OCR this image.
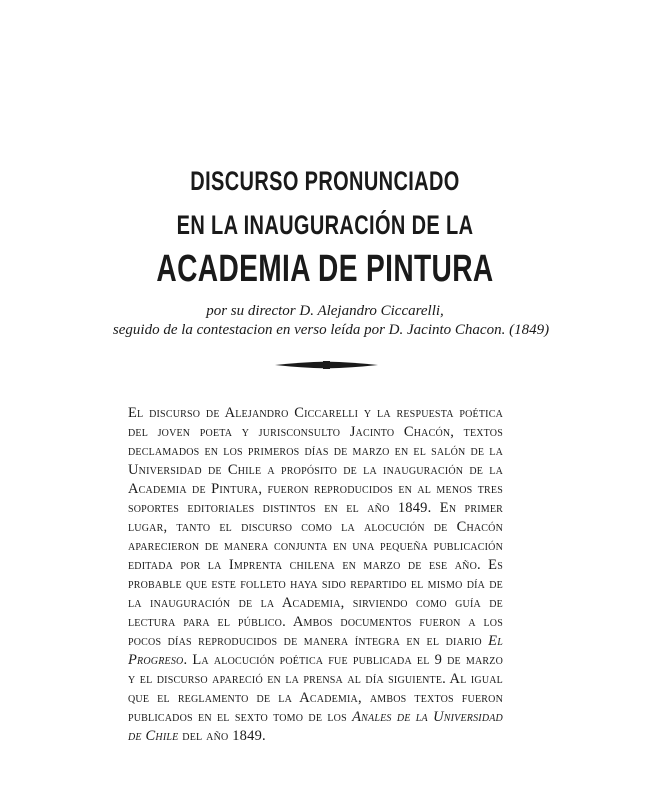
DISCURSO PRONUNCIADO
EN LA INAUGURACIÓN DE LA
ACADEMIA DE PINTURA
por su director D. Alejandro Ciccarelli,
seguido de la contestacion en verso leída por D. Jacinto Chacon. (1849)

El discurso de Alejandro Ciccarelli y la respuesta poética del joven poeta y jurisconsulto Jacinto Chacón, textos declamados en los primeros días de marzo en el salón de la Universidad de Chile a propósito de la inauguración de la Academia de Pintura, fueron reproducidos en al menos tres soportes editoriales distintos en el año 1849. En primer lugar, tanto el discurso como la alocución de Chacón aparecieron de manera conjunta en una pequeña publicación editada por la Imprenta chilena en marzo de ese año. Es probable que este folleto haya sido repartido el mismo día de la inauguración de la Academia, sirviendo como guía de lectura para el público. Ambos documentos fueron a los pocos días reproducidos de manera íntegra en el diario El Progreso. La alocución poética fue publicada el 9 de marzo y el discurso apareció en la prensa al día siguiente. Al igual que el reglamento de la Academia, ambos textos fueron publicados en el sexto tomo de los Anales de la Universidad de Chile del año 1849.
